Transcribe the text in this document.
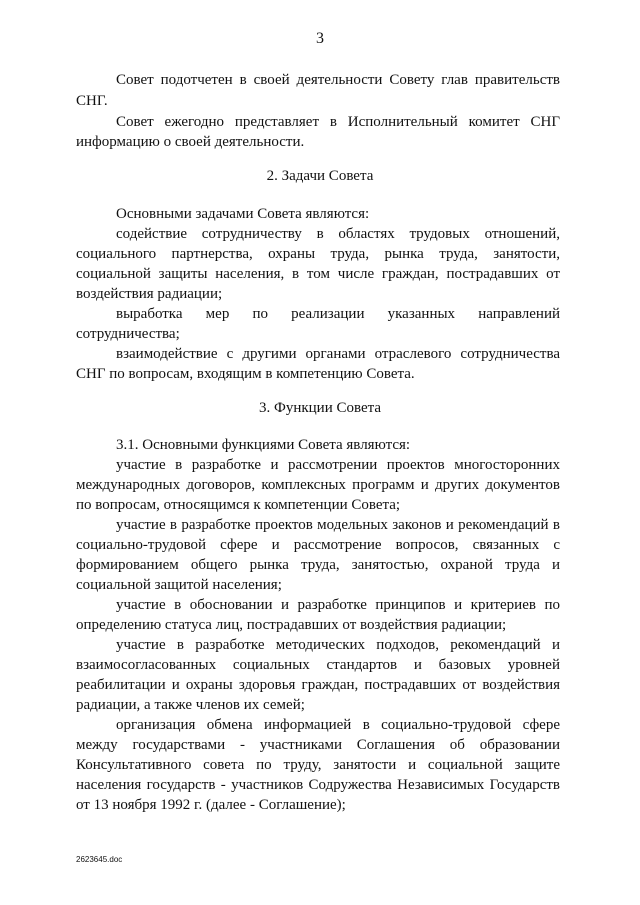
3
Совет подотчетен в своей деятельности Совету глав правительств
СНГ.
Совет ежегодно представляет в Исполнительный комитет СНГ
информацию о своей деятельности.
2. Задачи Совета
Основными задачами Совета являются:
содействие сотрудничеству в областях трудовых отношений,
социального партнерства, охраны труда, рынка труда, занятости,
социальной защиты населения, в том числе граждан, пострадавших от
воздействия радиации;
выработка мер по реализации указанных направлений
сотрудничества;
взаимодействие с другими органами отраслевого сотрудничества
СНГ по вопросам, входящим в компетенцию Совета.
3. Функции Совета
3.1. Основными функциями Совета являются:
участие в разработке и рассмотрении проектов многосторонних
международных договоров, комплексных программ и других документов
по вопросам, относящимся к компетенции Совета;
участие в разработке проектов модельных законов и рекомендаций в
социально-трудовой сфере и рассмотрение вопросов, связанных с
формированием общего рынка труда, занятостью, охраной труда и
социальной защитой населения;
участие в обосновании и разработке принципов и критериев по
определению статуса лиц, пострадавших от воздействия радиации;
участие в разработке методических подходов, рекомендаций и
взаимосогласованных социальных стандартов и базовых уровней
реабилитации и охраны здоровья граждан, пострадавших от воздействия
радиации, а также членов их семей;
организация обмена информацией в социально-трудовой сфере
между государствами - участниками Соглашения об образовании
Консультативного совета по труду, занятости и социальной защите
населения государств - участников Содружества Независимых Государств
от 13 ноября 1992 г. (далее - Соглашение);
2623645.doc
